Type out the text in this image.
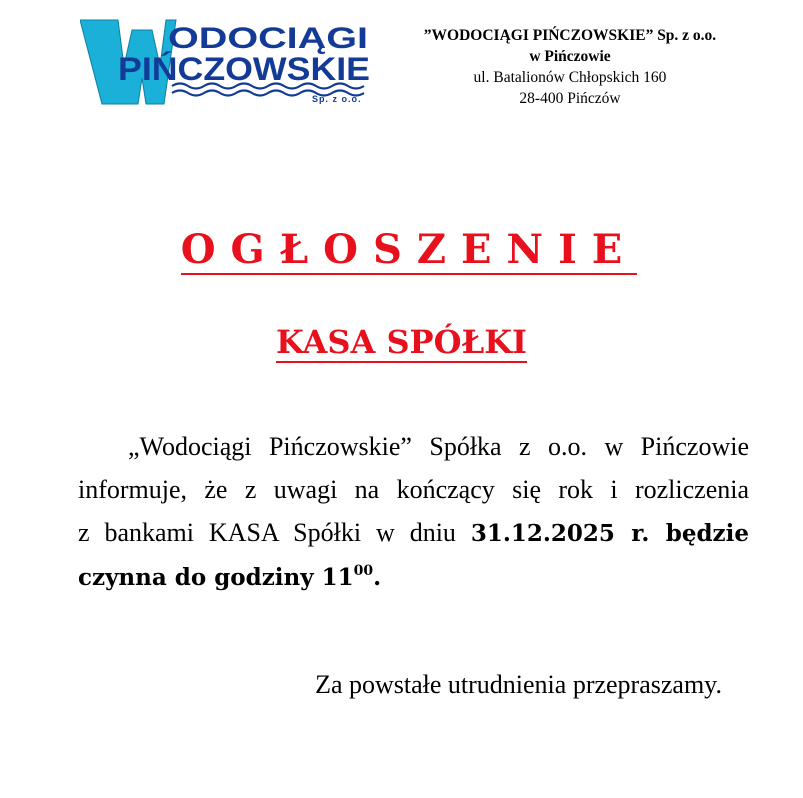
ODOCIĄGI
PIŃCZOWSKIE
Sp. z o.o.
”WODOCIĄGI PIŃCZOWSKIE” Sp. z o.o.
w Pińczowie
ul. Batalionów Chłopskich 160
28-400 Pińczów
OGŁOSZENIE
KASA SPÓŁKI
„Wodociągi Pińczowskie” Spółka z o.o. w Pińczowie
informuje, że z uwagi na kończący się rok i rozliczenia
z bankami KASA Spółki w dniu 31.12.2025 r. będzie
czynna do godziny $11^{00}$.
Za powstałe utrudnienia przepraszamy.
